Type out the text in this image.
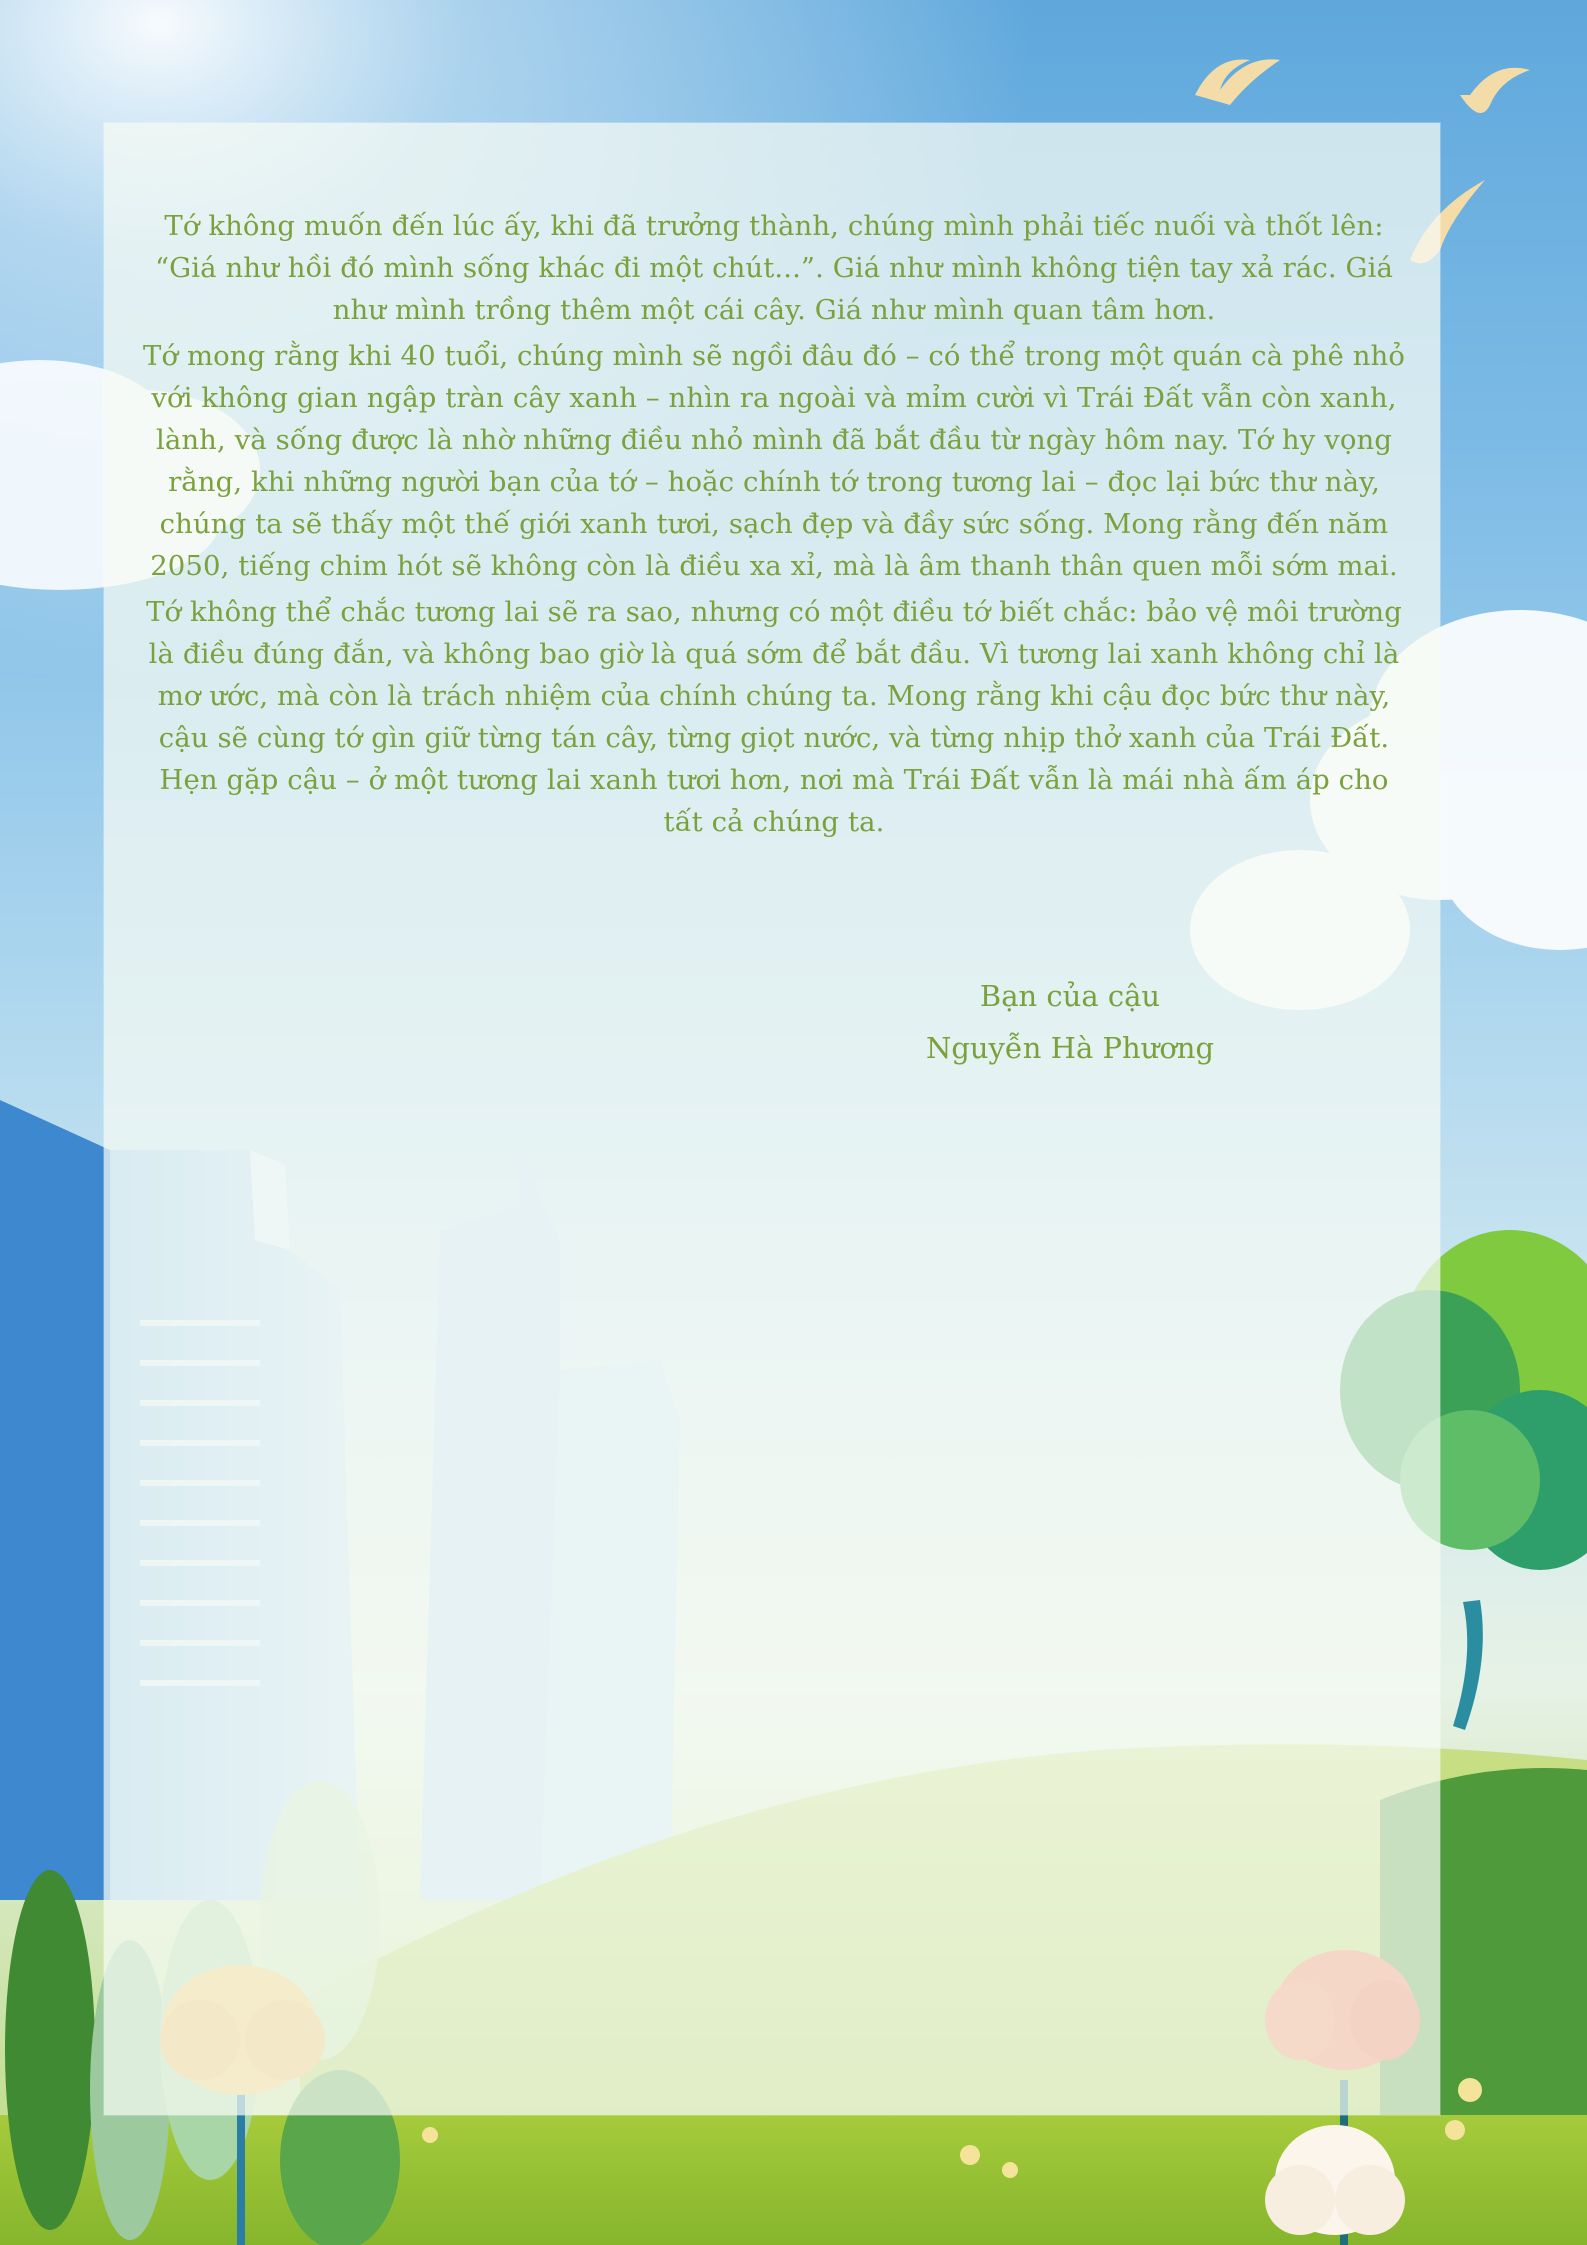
Tớ không muốn đến lúc ấy, khi đã trưởng thành, chúng mình phải tiếc nuối và thốt lên: “Giá như hồi đó mình sống khác đi một chút...”. Giá như mình không tiện tay xả rác. Giá như mình trồng thêm một cái cây. Giá như mình quan tâm hơn.

Tớ mong rằng khi 40 tuổi, chúng mình sẽ ngồi đâu đó – có thể trong một quán cà phê nhỏ với không gian ngập tràn cây xanh – nhìn ra ngoài và mỉm cười vì Trái Đất vẫn còn xanh, lành, và sống được là nhờ những điều nhỏ mình đã bắt đầu từ ngày hôm nay. Tớ hy vọng rằng, khi những người bạn của tớ – hoặc chính tớ trong tương lai – đọc lại bức thư này, chúng ta sẽ thấy một thế giới xanh tươi, sạch đẹp và đầy sức sống. Mong rằng đến năm 2050, tiếng chim hót sẽ không còn là điều xa xỉ, mà là âm thanh thân quen mỗi sớm mai.

Tớ không thể chắc tương lai sẽ ra sao, nhưng có một điều tớ biết chắc: bảo vệ môi trường là điều đúng đắn, và không bao giờ là quá sớm để bắt đầu. Vì tương lai xanh không chỉ là mơ ước, mà còn là trách nhiệm của chính chúng ta. Mong rằng khi cậu đọc bức thư này, cậu sẽ cùng tớ gìn giữ từng tán cây, từng giọt nước, và từng nhịp thở xanh của Trái Đất. Hẹn gặp cậu – ở một tương lai xanh tươi hơn, nơi mà Trái Đất vẫn là mái nhà ấm áp cho tất cả chúng ta.

Bạn của cậu
Nguyễn Hà Phương
